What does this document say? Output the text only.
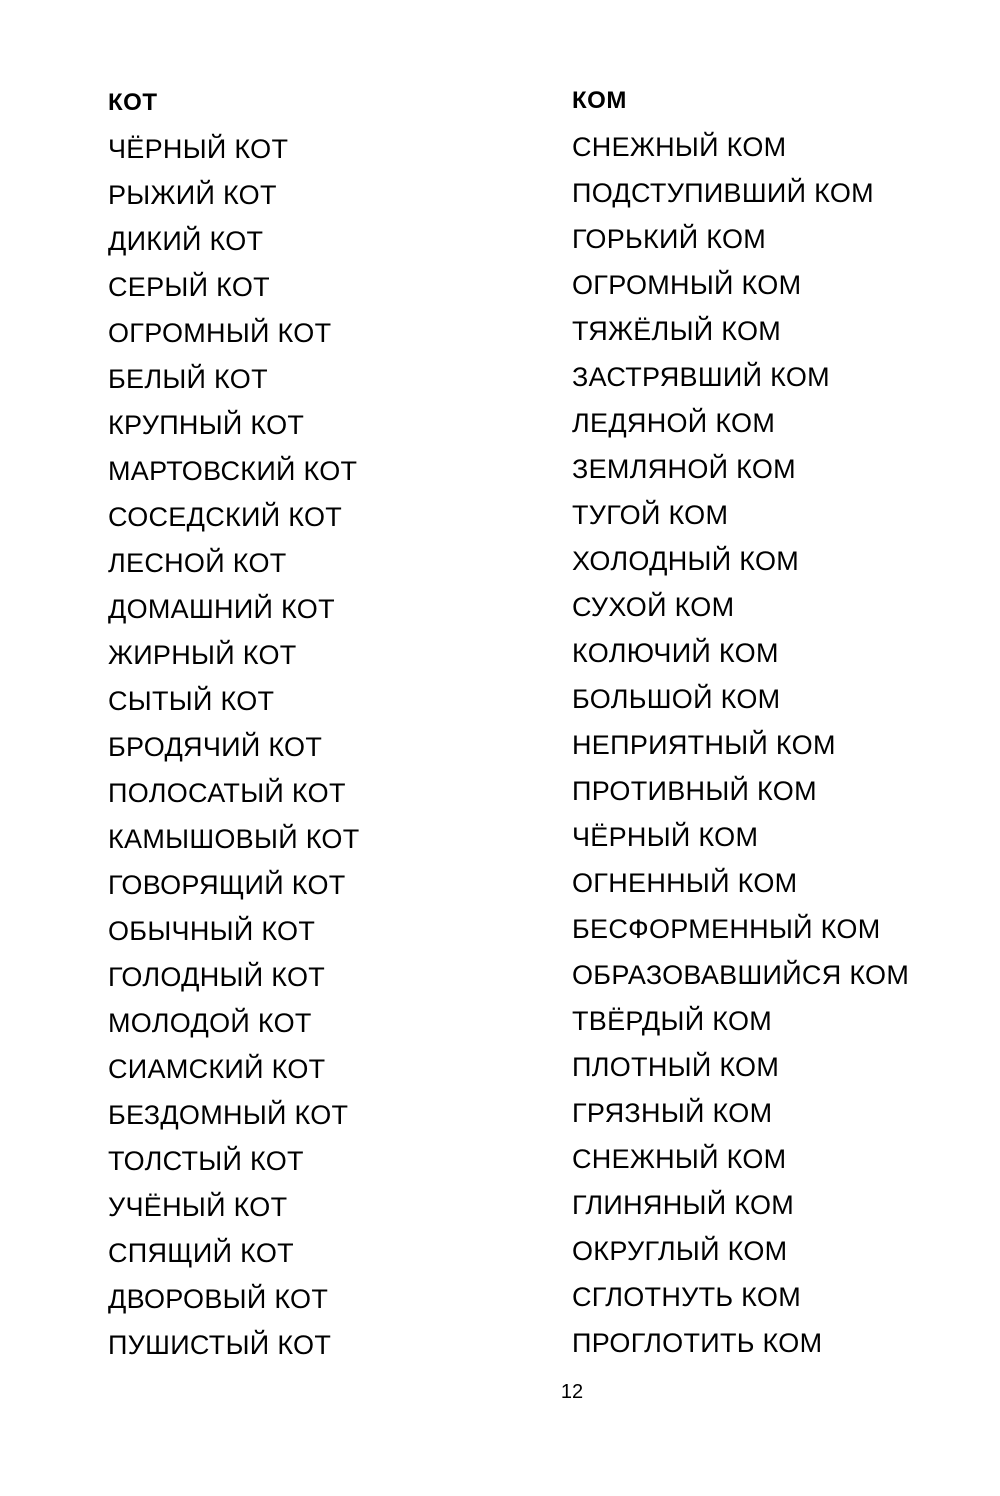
КОТ
ЧЁРНЫЙ КОТ
РЫЖИЙ КОТ
ДИКИЙ КОТ
СЕРЫЙ КОТ
ОГРОМНЫЙ КОТ
БЕЛЫЙ КОТ
КРУПНЫЙ КОТ
МАРТОВСКИЙ КОТ
СОСЕДСКИЙ КОТ
ЛЕСНОЙ КОТ
ДОМАШНИЙ КОТ
ЖИРНЫЙ КОТ
СЫТЫЙ КОТ
БРОДЯЧИЙ КОТ
ПОЛОСАТЫЙ КОТ
КАМЫШОВЫЙ КОТ
ГОВОРЯЩИЙ КОТ
ОБЫЧНЫЙ КОТ
ГОЛОДНЫЙ КОТ
МОЛОДОЙ КОТ
СИАМСКИЙ КОТ
БЕЗДОМНЫЙ КОТ
ТОЛСТЫЙ КОТ
УЧЁНЫЙ КОТ
СПЯЩИЙ КОТ
ДВОРОВЫЙ КОТ
ПУШИСТЫЙ КОТ
КОМ
СНЕЖНЫЙ КОМ
ПОДСТУПИВШИЙ КОМ
ГОРЬКИЙ КОМ
ОГРОМНЫЙ КОМ
ТЯЖЁЛЫЙ КОМ
ЗАСТРЯВШИЙ КОМ
ЛЕДЯНОЙ КОМ
ЗЕМЛЯНОЙ КОМ
ТУГОЙ КОМ
ХОЛОДНЫЙ КОМ
СУХОЙ КОМ
КОЛЮЧИЙ КОМ
БОЛЬШОЙ КОМ
НЕПРИЯТНЫЙ КОМ
ПРОТИВНЫЙ КОМ
ЧЁРНЫЙ КОМ
ОГНЕННЫЙ КОМ
БЕСФОРМЕННЫЙ КОМ
ОБРАЗОВАВШИЙСЯ КОМ
ТВЁРДЫЙ КОМ
ПЛОТНЫЙ КОМ
ГРЯЗНЫЙ КОМ
СНЕЖНЫЙ КОМ
ГЛИНЯНЫЙ КОМ
ОКРУГЛЫЙ КОМ
СГЛОТНУТЬ КОМ
ПРОГЛОТИТЬ КОМ
12
